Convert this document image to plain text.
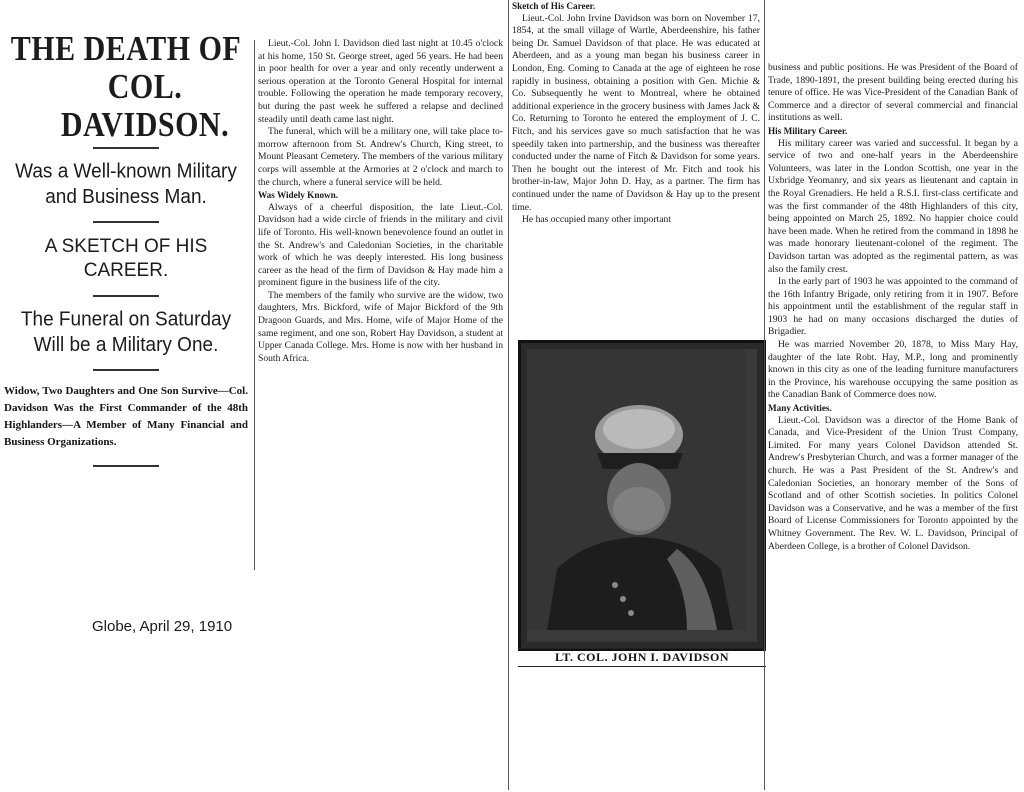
THE DEATH OF

COL. DAVIDSON.

Was a Well-known Military and Business Man.

A SKETCH OF HIS CAREER.

The Funeral on Saturday Will be a Military One.

Widow, Two Daughters and One Son Survive—Col. Davidson Was the First Commander of the 48th Highlanders—A Member of Many Financial and Business Organizations.

Globe, April 29, 1910

Lieut.-Col. John I. Davidson died last night at 10.45 o'clock at his home, 150 St. George street, aged 56 years. He had been in poor health for over a year and only recently underwent a serious operation at the Toronto General Hospital for internal trouble. Following the operation he made temporary recovery, but during the past week he suffered a relapse and declined steadily until death came last night.

The funeral, which will be a military one, will take place to-morrow afternoon from St. Andrew's Church, King street, to Mount Pleasant Cemetery. The members of the various military corps will assemble at the Armories at 2 o'clock and march to the church, where a funeral service will be held.

Was Widely Known.

Always of a cheerful disposition, the late Lieut.-Col. Davidson had a wide circle of friends in the military and civil life of Toronto. His well-known benevolence found an outlet in the St. Andrew's and Caledonian Societies, in the charitable work of which he was deeply interested. His long business career as the head of the firm of Davidson & Hay made him a prominent figure in the business life of the city.

The members of the family who survive are the widow, two daughters, Mrs. Bickford, wife of Major Bickford of the 9th Dragoon Guards, and Mrs. Home, wife of Major Home of the same regiment, and one son, Robert Hay Davidson, a student at Upper Canada College. Mrs. Home is now with her husband in South Africa.

Sketch of His Career.

Lieut.-Col. John Irvine Davidson was born on November 17, 1854, at the small village of Wartle, Aberdeenshire, his father being Dr. Samuel Davidson of that place. He was educated at Aberdeen, and as a young man began his business career in London, Eng. Coming to Canada at the age of eighteen he rose rapidly in business, obtaining a position with Gen. Michie & Co. Subsequently he went to Montreal, where he obtained additional experience in the grocery business with James Jack & Co. Returning to Toronto he entered the employment of J. C. Fitch, and his services gave so much satisfaction that he was speedily taken into partnership, and the business was thereafter conducted under the name of Fitch & Davidson for some years. Then he bought out the interest of Mr. Fitch and took his brother-in-law, Major John D. Hay, as a partner. The firm has continued under the name of Davidson & Hay up to the present time.

He has occupied many other important

LT. COL. JOHN I. DAVIDSON

business and public positions. He was President of the Board of Trade, 1890-1891, the present building being erected during his tenure of office. He was Vice-President of the Canadian Bank of Commerce and a director of several commercial and financial institutions as well.

His Military Career.

His military career was varied and successful. It began by a service of two and one-half years in the Aberdeenshire Volunteers, was later in the London Scottish, one year in the Uxbridge Yeomanry, and six years as lieutenant and captain in the Royal Grenadiers. He held a R.S.I. first-class certificate and was the first commander of the 48th Highlanders of this city, being appointed on March 25, 1892. No happier choice could have been made. When he retired from the command in 1898 he was made honorary lieutenant-colonel of the regiment. The Davidson tartan was adopted as the regimental pattern, as was also the family crest.

In the early part of 1903 he was appointed to the command of the 16th Infantry Brigade, only retiring from it in 1907. Before his appointment until the establishment of the regular staff in 1903 he had on many occasions discharged the duties of Brigadier.

He was married November 20, 1878, to Miss Mary Hay, daughter of the late Robt. Hay, M.P., long and prominently known in this city as one of the leading furniture manufacturers in the Province, his warehouse occupying the same position as the Canadian Bank of Commerce does now.

Many Activities.

Lieut.-Col. Davidson was a director of the Home Bank of Canada, and Vice-President of the Union Trust Company, Limited. For many years Colonel Davidson attended St. Andrew's Presbyterian Church, and was a former manager of the church. He was a Past President of the St. Andrew's and Caledonian Societies, an honorary member of the Sons of Scotland and of other Scottish societies. In politics Colonel Davidson was a Conservative, and he was a member of the first Board of License Commissioners for Toronto appointed by the Whitney Government. The Rev. W. L. Davidson, Principal of Aberdeen College, is a brother of Colonel Davidson.
